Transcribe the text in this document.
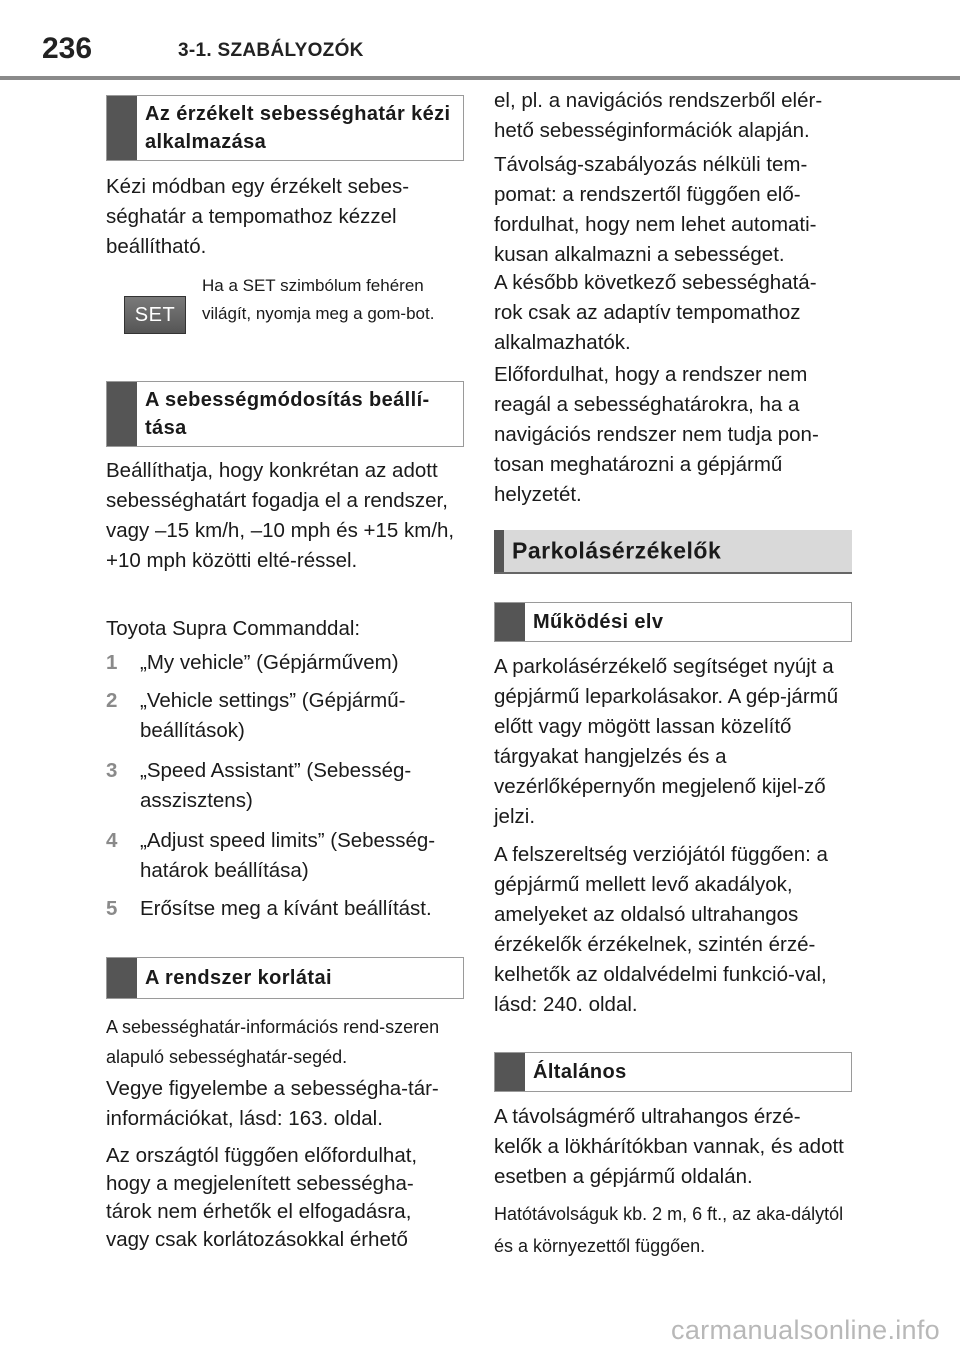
236	3-1. SZABÁLYOZÓK
Az érzékelt sebességhatár kézi alkalmazása
Kézi módban egy érzékelt sebes-séghatár a tempomathoz kézzel beállítható.
SET
Ha a SET szimbólum fehéren világít, nyomja meg a gom-bot.
A sebességmódosítás beállí-tása
Beállíthatja, hogy konkrétan az adott sebességhatárt fogadja el a rendszer, vagy –15 km/h, –10 mph és +15 km/h, +10 mph közötti elté-réssel.
Toyota Supra Commanddal:
1 „My vehicle” (Gépjárművem)
2 „Vehicle settings” (Gépjármű-beállítások)
3 „Speed Assistant” (Sebesség-asszisztens)
4 „Adjust speed limits” (Sebesség-határok beállítása)
5 Erősítse meg a kívánt beállítást.
A rendszer korlátai
A sebességhatár-információs rend-szeren alapuló sebességhatár-segéd.
Vegye figyelembe a sebességha-tár-információkat, lásd: 163. oldal.
Az országtól függően előfordulhat, hogy a megjelenített sebességha-tárok nem érhetők el elfogadásra, vagy csak korlátozásokkal érhető
el, pl. a navigációs rendszerből elér-hető sebességinformációk alapján.
Távolság-szabályozás nélküli tem-pomat: a rendszertől függően elő-fordulhat, hogy nem lehet automati-kusan alkalmazni a sebességet.
A később következő sebességhatá-rok csak az adaptív tempomathoz alkalmazhatók.
Előfordulhat, hogy a rendszer nem reagál a sebességhatárokra, ha a navigációs rendszer nem tudja pon-tosan meghatározni a gépjármű helyzetét.
Parkolásérzékelők
Működési elv
A parkolásérzékelő segítséget nyújt a gépjármű leparkolásakor. A gép-jármű előtt vagy mögött lassan közelítő tárgyakat hangjelzés és a vezérlőképernyőn megjelenő kijel-ző jelzi.
A felszereltség verziójától függően: a gépjármű mellett levő akadályok, amelyeket az oldalsó ultrahangos érzékelők érzékelnek, szintén érzé-kelhetők az oldalvédelmi funkció-val, lásd: 240. oldal.
Általános
A távolságmérő ultrahangos érzé-kelők a lökhárítókban vannak, és adott esetben a gépjármű oldalán.
Hatótávolságuk kb. 2 m, 6 ft., az aka-dálytól és a környezettől függően.
carmanualsonline.info
